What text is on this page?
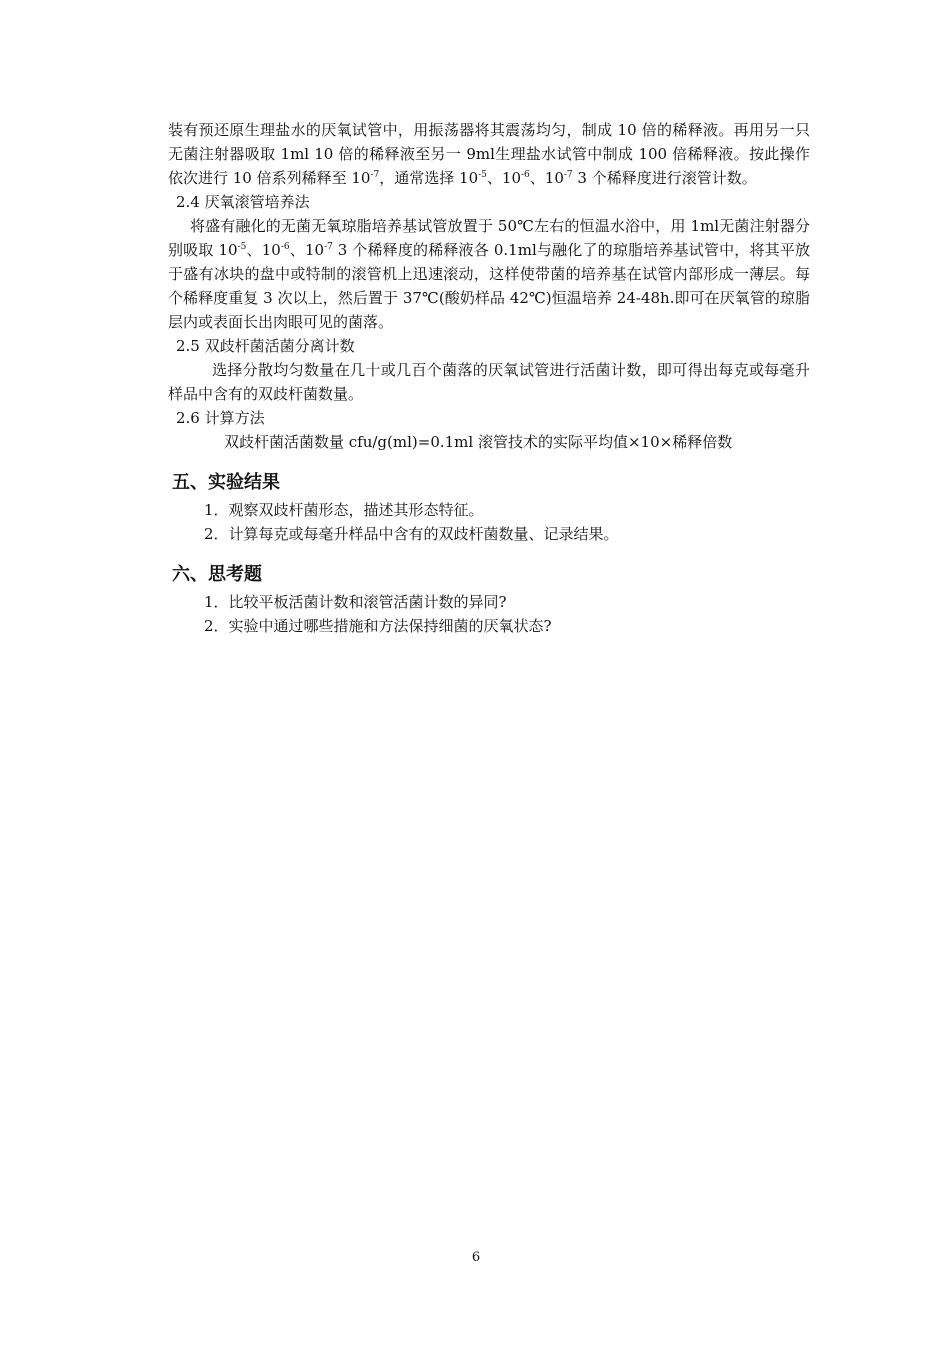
装有预还原生理盐水的厌氧试管中，用振荡器将其震荡均匀，制成 10 倍的稀释液。再用另一只无菌注射器吸取 1ml 10 倍的稀释液至另一 9ml生理盐水试管中制成 100 倍稀释液。按此操作依次进行 10 倍系列稀释至 $10^{-7}$，通常选择 $10^{-5}$、$10^{-6}$、$10^{-7}$ 3 个稀释度进行滚管计数。

2.4 厌氧滚管培养法

将盛有融化的无菌无氧琼脂培养基试管放置于 50℃左右的恒温水浴中，用 1ml无菌注射器分别吸取 $10^{-5}$、$10^{-6}$、$10^{-7}$ 3 个稀释度的稀释液各 0.1ml与融化了的琼脂培养基试管中，将其平放于盛有冰块的盘中或特制的滚管机上迅速滚动，这样使带菌的培养基在试管内部形成一薄层。每个稀释度重复 3 次以上，然后置于 37℃(酸奶样品 42℃)恒温培养 24-48h.即可在厌氧管的琼脂层内或表面长出肉眼可见的菌落。

2.5 双歧杆菌活菌分离计数

选择分散均匀数量在几十或几百个菌落的厌氧试管进行活菌计数，即可得出每克或每毫升样品中含有的双歧杆菌数量。

2.6 计算方法

双歧杆菌活菌数量 cfu/g(ml)=0.1ml 滚管技术的实际平均值×10×稀释倍数

五、实验结果

1．观察双歧杆菌形态，描述其形态特征。

2．计算每克或每毫升样品中含有的双歧杆菌数量、记录结果。

六、思考题

1．比较平板活菌计数和滚管活菌计数的异同?

2．实验中通过哪些措施和方法保持细菌的厌氧状态?

6
